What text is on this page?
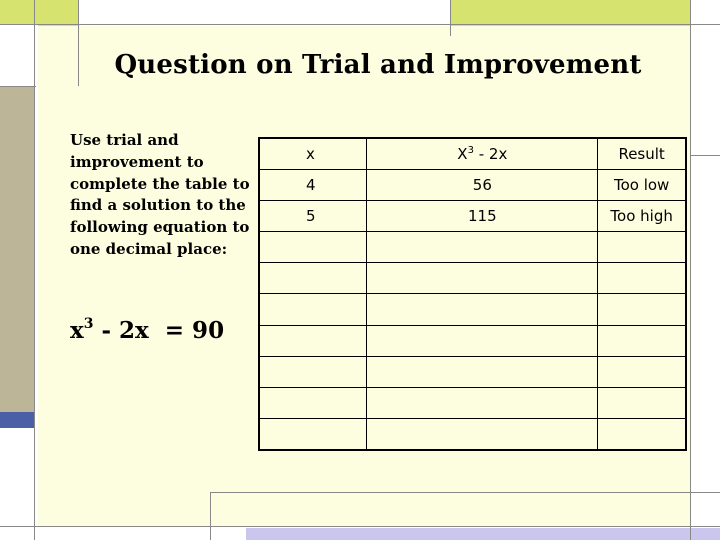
Question on Trial and Improvement
Use trial and improvement to complete the table to find a solution to the following equation to one decimal place:
$x^3 - 2x = 90$
x	$X^3 - 2x$	Result
4	56	Too low
5	115	Too high
